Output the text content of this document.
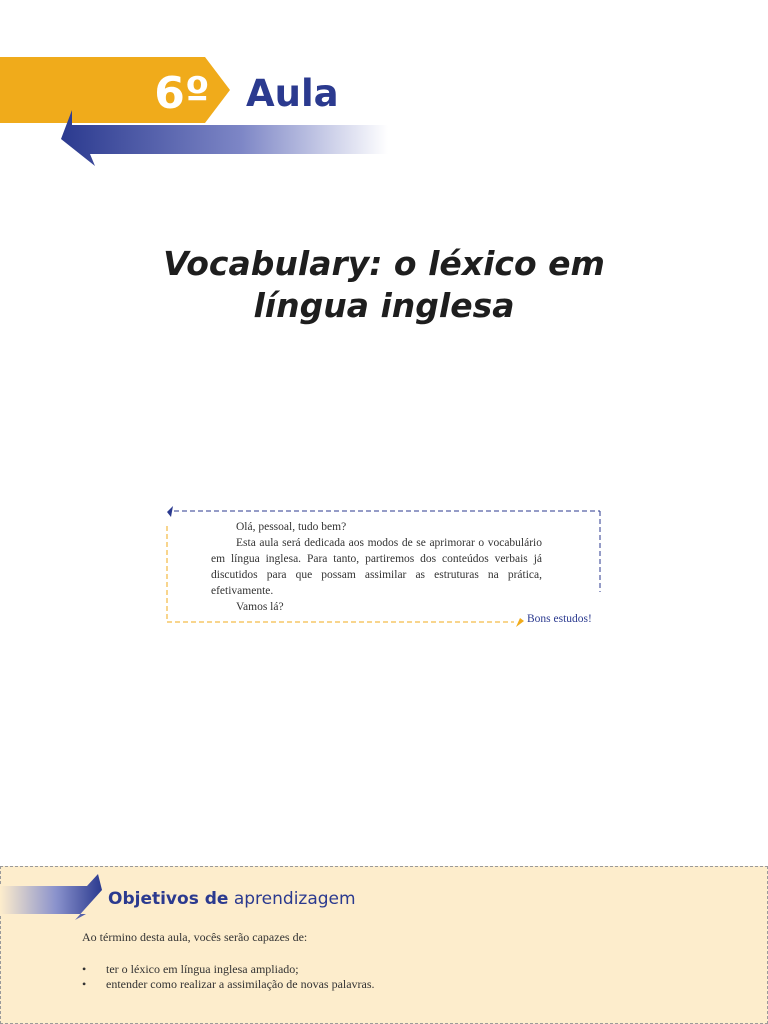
6º Aula
Vocabulary: o léxico em
língua inglesa

Olá, pessoal, tudo bem?

Esta aula será dedicada aos modos de se aprimorar o vocabulário em língua inglesa. Para tanto, partiremos dos conteúdos verbais já discutidos para que possam assimilar as estruturas na prática, efetivamente.

Vamos lá?

Bons estudos!
Objetivos de aprendizagem
Ao término desta aula, vocês serão capazes de:
• ter o léxico em língua inglesa ampliado;
• entender como realizar a assimilação de novas palavras.
